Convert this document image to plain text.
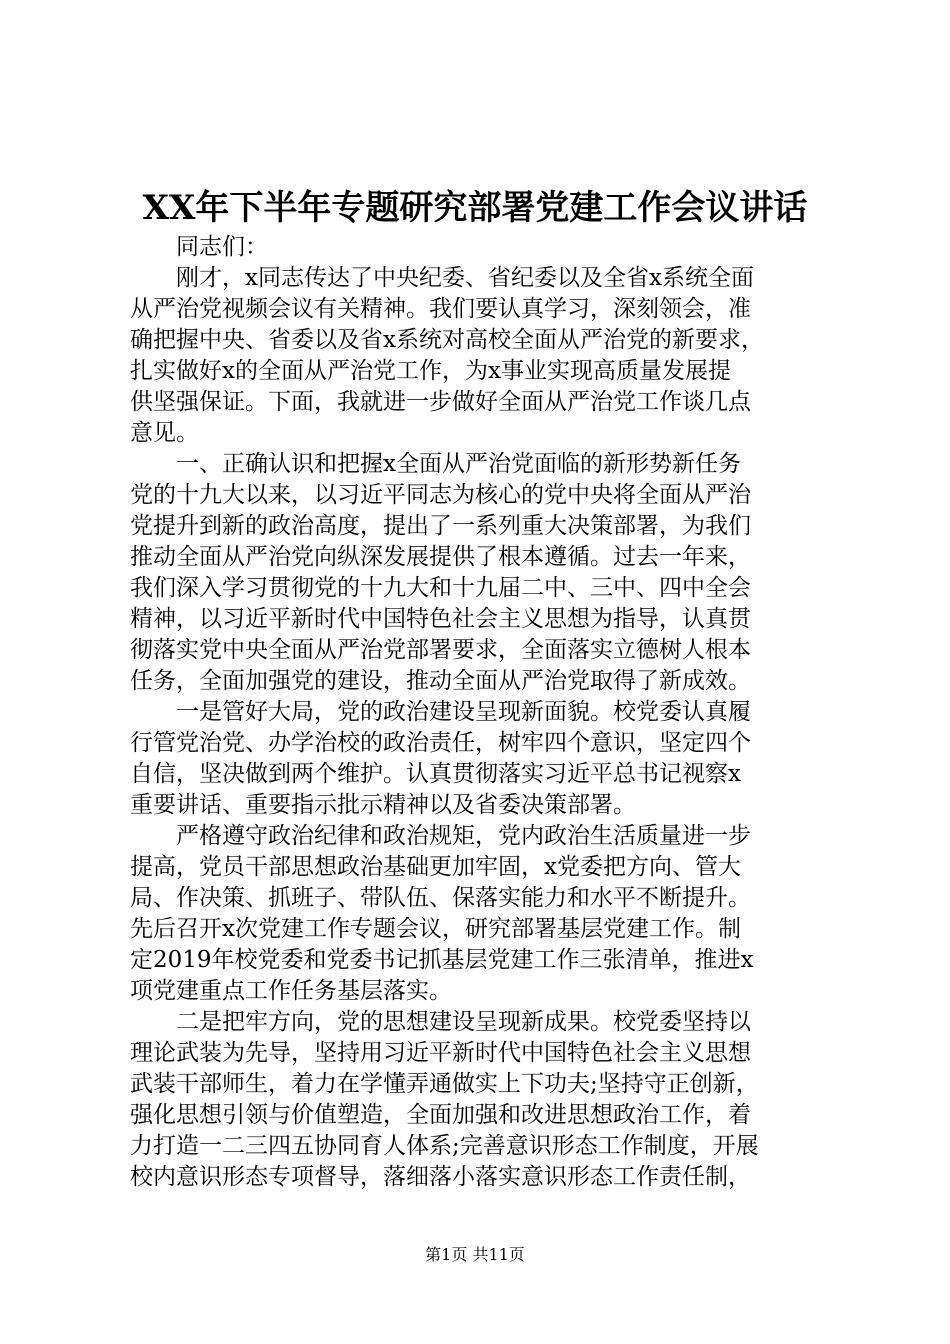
XX年下半年专题研究部署党建工作会议讲话

同志们：

刚才，x同志传达了中央纪委、省纪委以及全省x系统全面
从严治党视频会议有关精神。我们要认真学习，深刻领会，准
确把握中央、省委以及省x系统对高校全面从严治党的新要求，
扎实做好x的全面从严治党工作，为x事业实现高质量发展提
供坚强保证。下面，我就进一步做好全面从严治党工作谈几点
意见。
一、正确认识和把握x全面从严治党面临的新形势新任务
党的十九大以来，以习近平同志为核心的党中央将全面从严治
党提升到新的政治高度，提出了一系列重大决策部署，为我们
推动全面从严治党向纵深发展提供了根本遵循。过去一年来，
我们深入学习贯彻党的十九大和十九届二中、三中、四中全会
精神，以习近平新时代中国特色社会主义思想为指导，认真贯
彻落实党中央全面从严治党部署要求，全面落实立德树人根本
任务，全面加强党的建设，推动全面从严治党取得了新成效。
一是管好大局，党的政治建设呈现新面貌。校党委认真履
行管党治党、办学治校的政治责任，树牢四个意识，坚定四个
自信，坚决做到两个维护。认真贯彻落实习近平总书记视察x
重要讲话、重要指示批示精神以及省委决策部署。
严格遵守政治纪律和政治规矩，党内政治生活质量进一步
提高，党员干部思想政治基础更加牢固，x党委把方向、管大
局、作决策、抓班子、带队伍、保落实能力和水平不断提升。
先后召开x次党建工作专题会议，研究部署基层党建工作。制
定2019年校党委和党委书记抓基层党建工作三张清单，推进x
项党建重点工作任务基层落实。
二是把牢方向，党的思想建设呈现新成果。校党委坚持以
理论武装为先导，坚持用习近平新时代中国特色社会主义思想
武装干部师生，着力在学懂弄通做实上下功夫;坚持守正创新，
强化思想引领与价值塑造，全面加强和改进思想政治工作，着
力打造一二三四五协同育人体系;完善意识形态工作制度，开展
校内意识形态专项督导，落细落小落实意识形态工作责任制，
第1页 共11页
